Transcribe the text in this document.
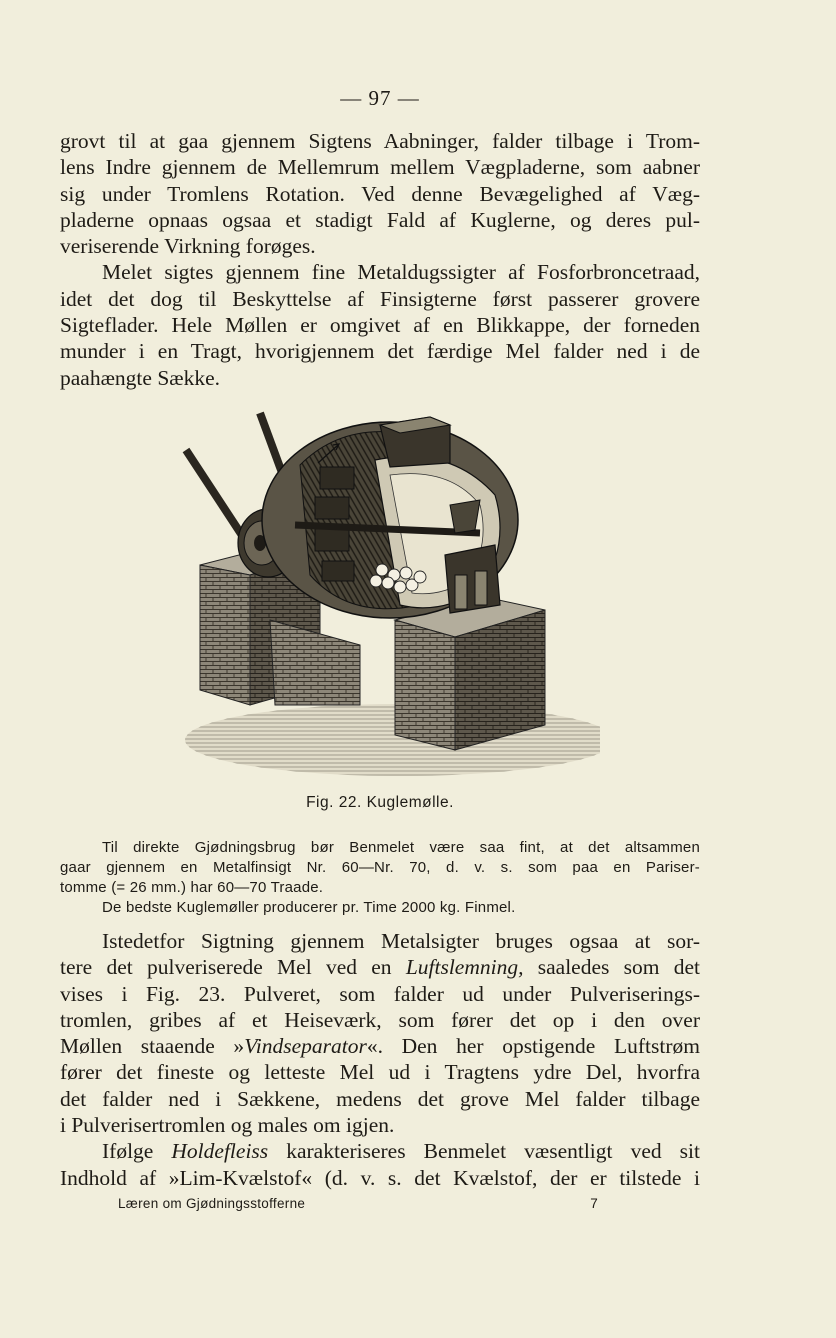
— 97 —

grovt til at gaa gjennem Sigtens Aabninger, falder tilbage i Trom-
lens Indre gjennem de Mellemrum mellem Vægpladerne, som aabner
sig under Tromlens Rotation. Ved denne Bevægelighed af Væg-
pladerne opnaas ogsaa et stadigt Fald af Kuglerne, og deres pul-
veriserende Virkning forøges.

Melet sigtes gjennem fine Metaldugssigter af Fosforbroncetraad,
idet det dog til Beskyttelse af Finsigterne først passerer grovere
Sigteflader. Hele Møllen er omgivet af en Blikkappe, der forneden
munder i en Tragt, hvorigjennem det færdige Mel falder ned i de
paahængte Sække.

Fig. 22. Kuglemølle.
Til direkte Gjødningsbrug bør Benmelet være saa fint, at det altsammen
gaar gjennem en Metalfinsigt Nr. 60—Nr. 70, d. v. s. som paa en Pariser-
tomme (= 26 mm.) har 60—70 Traade.
De bedste Kuglemøller producerer pr. Time 2000 kg. Finmel.

Istedetfor Sigtning gjennem Metalsigter bruges ogsaa at sor-
tere det pulveriserede Mel ved en Luftslemning, saaledes som det
vises i Fig. 23. Pulveret, som falder ud under Pulveriserings-
tromlen, gribes af et Heiseværk, som fører det op i den over
Møllen staaende »Vindseparator«. Den her opstigende Luftstrøm
fører det fineste og letteste Mel ud i Tragtens ydre Del, hvorfra
det falder ned i Sækkene, medens det grove Mel falder tilbage
i Pulverisertromlen og males om igjen.

Ifølge Holdefleiss karakteriseres Benmelet væsentligt ved sit
Indhold af »Lim-Kvælstof« (d. v. s. det Kvælstof, der er tilstede i

Læren om Gjødningsstofferne	7
